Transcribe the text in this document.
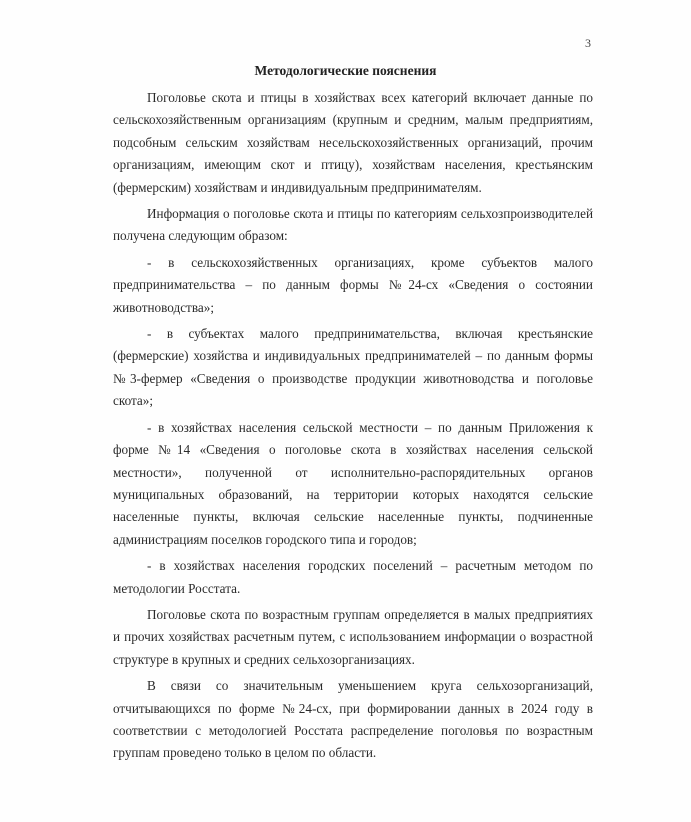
3
Методологические пояснения

Поголовье скота и птицы в хозяйствах всех категорий включает данные по сельскохозяйственным организациям (крупным и средним, малым предприятиям, подсобным сельским хозяйствам несельскохозяйственных организаций, прочим организациям, имеющим скот и птицу), хозяйствам населения, крестьянским (фермерским) хозяйствам и индивидуальным предпринимателям.

Информация о поголовье скота и птицы по категориям сельхозпроизводителей получена следующим образом:

- в сельскохозяйственных организациях, кроме субъектов малого предпринимательства – по данным формы №24-сх «Сведения о состоянии животноводства»;

- в субъектах малого предпринимательства, включая крестьянские (фермерские) хозяйства и индивидуальных предпринимателей – по данным формы №3-фермер «Сведения о производстве продукции животноводства и поголовье скота»;

- в хозяйствах населения сельской местности – по данным Приложения к форме №14 «Сведения о поголовье скота в хозяйствах населения сельской местности», полученной от исполнительно-распорядительных органов муниципальных образований, на территории которых находятся сельские населенные пункты, включая сельские населенные пункты, подчиненные администрациям поселков городского типа и городов;

- в хозяйствах населения городских поселений – расчетным методом по методологии Росстата.

Поголовье скота по возрастным группам определяется в малых предприятиях и прочих хозяйствах расчетным путем, с использованием информации о возрастной структуре в крупных и средних сельхозорганизациях.

В связи со значительным уменьшением круга сельхозорганизаций, отчитывающихся по форме №24-сх, при формировании данных в 2024 году в соответствии с методологией Росстата распределение поголовья по возрастным группам проведено только в целом по области.
